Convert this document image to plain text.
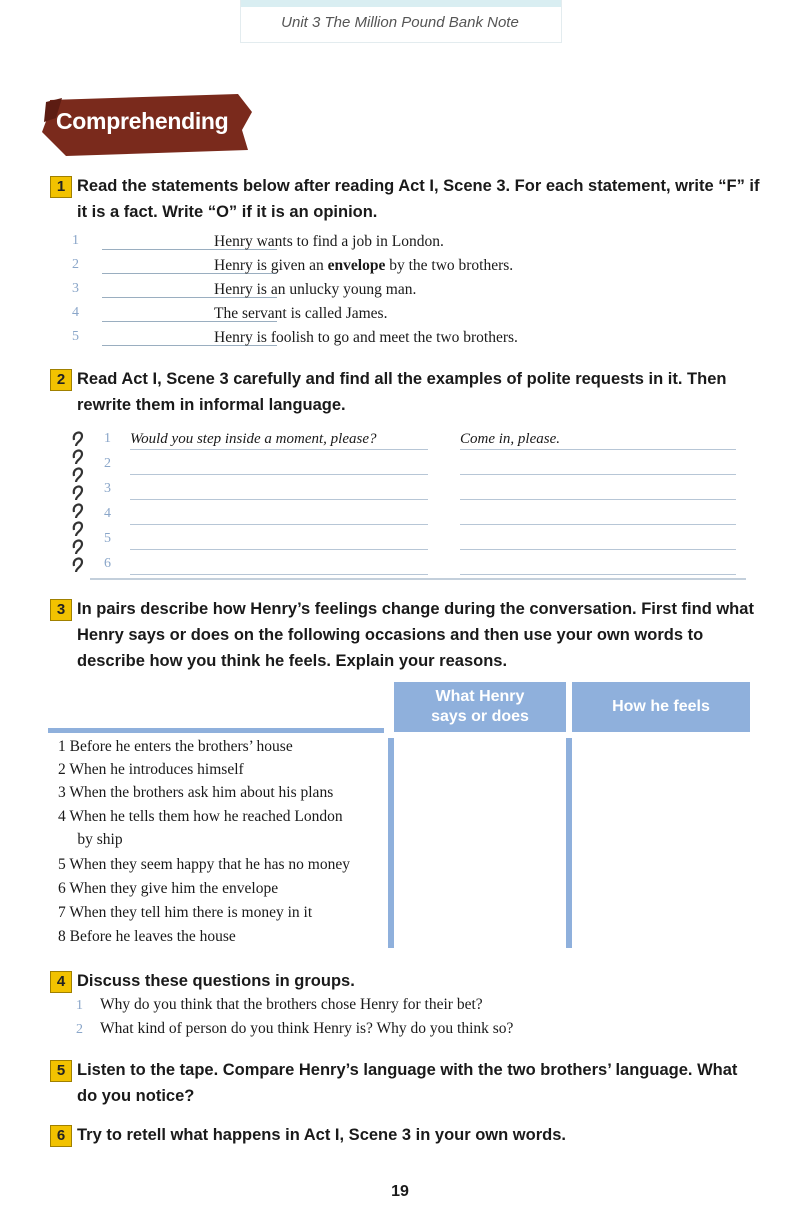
Unit 3 The Million Pound Bank Note
Comprehending
1 Read the statements below after reading Act I, Scene 3. For each statement, write “F” if it is a fact. Write “O” if it is an opinion.
1	Henry wants to find a job in London.
2	Henry is given an envelope by the two brothers.
3	Henry is an unlucky young man.
4	The servant is called James.
5	Henry is foolish to go and meet the two brothers.
2 Read Act I, Scene 3 carefully and find all the examples of polite requests in it. Then rewrite them in informal language.
1 Would you step inside a moment, please?	Come in, please.
2
3
4
5
6
3 In pairs describe how Henry’s feelings change during the conversation. First find what Henry says or does on the following occasions and then use your own words to describe how you think he feels. Explain your reasons.
What Henry
says or does
How he feels
1 Before he enters the brothers’ house
2 When he introduces himself
3 When the brothers ask him about his plans
4 When he tells them how he reached London
by ship
5 When they seem happy that he has no money
6 When they give him the envelope
7 When they tell him there is money in it
8 Before he leaves the house
4 Discuss these questions in groups.
1 Why do you think that the brothers chose Henry for their bet?
2 What kind of person do you think Henry is? Why do you think so?
5 Listen to the tape. Compare Henry’s language with the two brothers’ language. What do you notice?
6 Try to retell what happens in Act I, Scene 3 in your own words.
19
